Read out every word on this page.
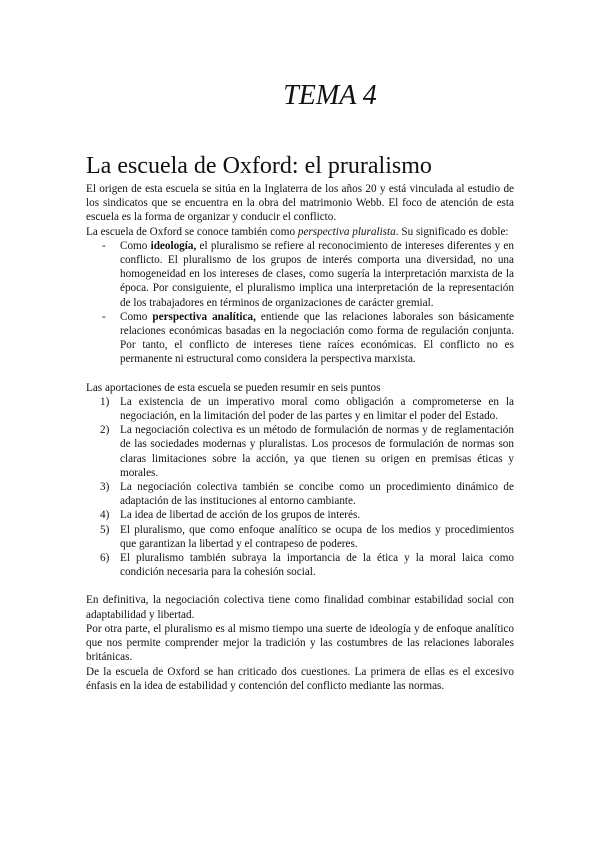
TEMA 4
La escuela de Oxford: el pruralismo

El origen de esta escuela se sitúa en la Inglaterra de los años 20 y está vinculada al estudio de los sindicatos que se encuentra en la obra del matrimonio Webb. El foco de atención de esta escuela es la forma de organizar y conducir el conflicto.

La escuela de Oxford se conoce también como perspectiva pluralista. Su significado es doble:

- Como ideología, el pluralismo se refiere al reconocimiento de intereses diferentes y en conflicto. El pluralismo de los grupos de interés comporta una diversidad, no una homogeneidad en los intereses de clases, como sugería la interpretación marxista de la época. Por consiguiente, el pluralismo implica una interpretación de la representación de los trabajadores en términos de organizaciones de carácter gremial.
- Como perspectiva analítica, entiende que las relaciones laborales son básicamente relaciones económicas basadas en la negociación como forma de regulación conjunta. Por tanto, el conflicto de intereses tiene raíces económicas. El conflicto no es permanente ni estructural como considera la perspectiva marxista.

Las aportaciones de esta escuela se pueden resumir en seis puntos

1) La existencia de un imperativo moral como obligación a comprometerse en la negociación, en la limitación del poder de las partes y en limitar el poder del Estado.
2) La negociación colectiva es un método de formulación de normas y de reglamentación de las sociedades modernas y pluralistas. Los procesos de formulación de normas son claras limitaciones sobre la acción, ya que tienen su origen en premisas éticas y morales.
3) La negociación colectiva también se concibe como un procedimiento dinámico de adaptación de las instituciones al entorno cambiante.
4) La idea de libertad de acción de los grupos de interés.
5) El pluralismo, que como enfoque analítico se ocupa de los medios y procedimientos que garantizan la libertad y el contrapeso de poderes.
6) El pluralismo también subraya la importancia de la ética y la moral laica como condición necesaria para la cohesión social.

En definitiva, la negociación colectiva tiene como finalidad combinar estabilidad social con adaptabilidad y libertad.

Por otra parte, el pluralismo es al mismo tiempo una suerte de ideología y de enfoque analítico que nos permite comprender mejor la tradición y las costumbres de las relaciones laborales británicas.

De la escuela de Oxford se han criticado dos cuestiones. La primera de ellas es el excesivo énfasis en la idea de estabilidad y contención del conflicto mediante las normas.
